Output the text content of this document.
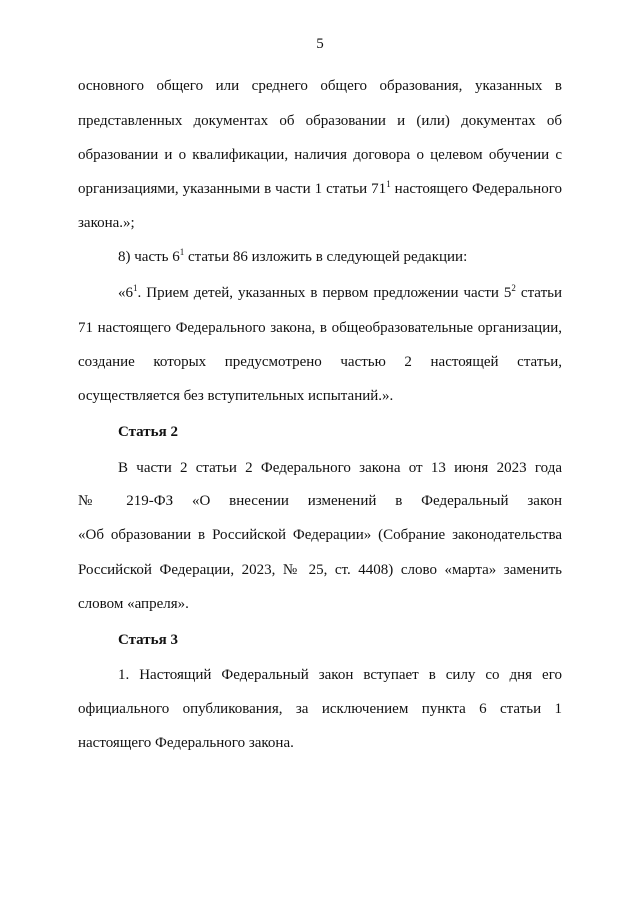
5
основного общего или среднего общего образования, указанных в
представленных документах об образовании и (или) документах об
образовании и о квалификации, наличия договора о целевом обучении с
организациями, указанными в части 1 статьи $71^1$ настоящего Федерального
закона.»;
8) часть $6^1$ статьи 86 изложить в следующей редакции:
«$6^1$. Прием детей, указанных в первом предложении части $5^2$ статьи
71 настоящего Федерального закона, в общеобразовательные организации,
создание которых предусмотрено частью 2 настоящей статьи,
осуществляется без вступительных испытаний.».
Статья 2
В части 2 статьи 2 Федерального закона от 13 июня 2023 года
№ 219-ФЗ «О внесении изменений в Федеральный закон
«Об образовании в Российской Федерации» (Собрание законодательства
Российской Федерации, 2023, № 25, ст. 4408) слово «марта» заменить
словом «апреля».
Статья 3
1. Настоящий Федеральный закон вступает в силу со дня его
официального опубликования, за исключением пункта 6 статьи 1
настоящего Федерального закона.
